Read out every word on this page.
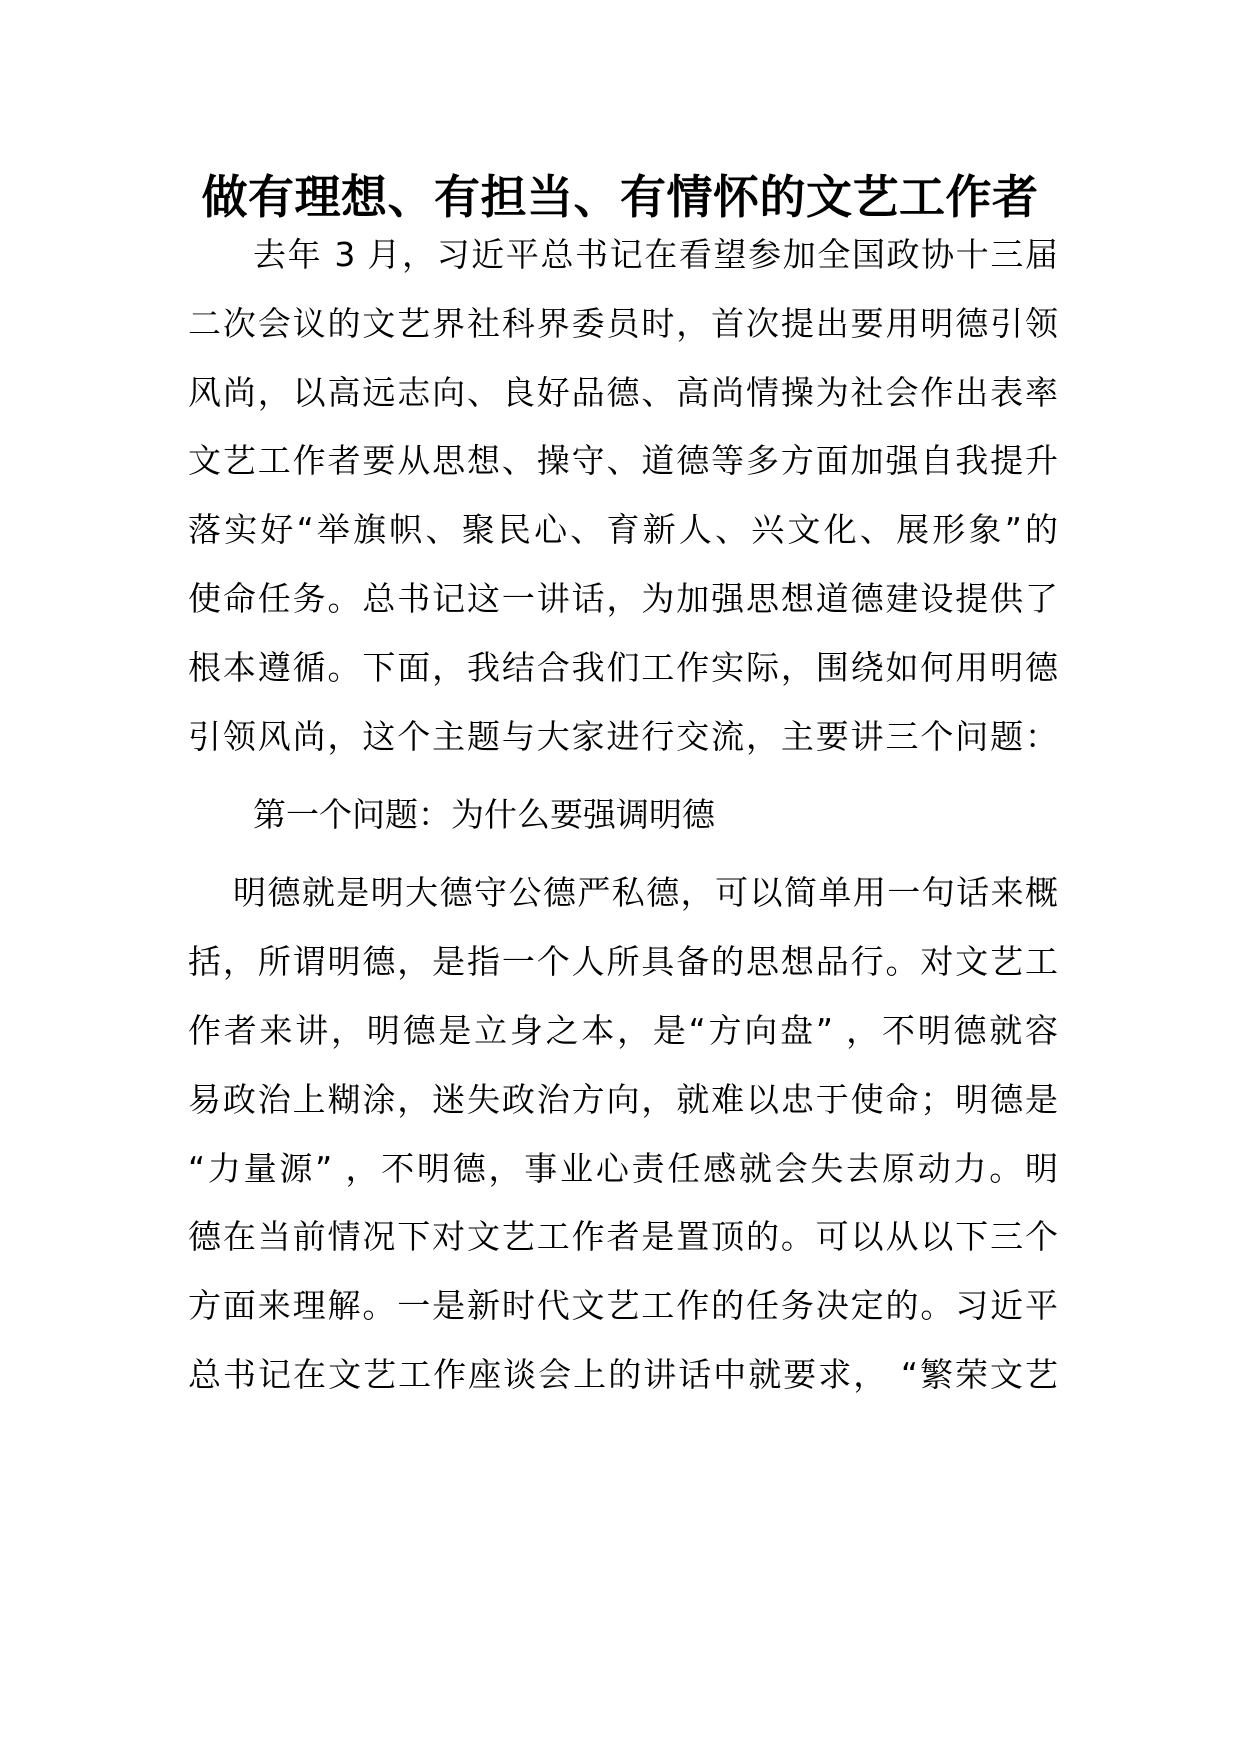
做有理想、有担当、有情怀的文艺工作者

去年 3 月，习近平总书记在看望参加全国政协十三届

二次会议的文艺界社科界委员时，首次提出要用明德引领

风尚，以高远志向、良好品德、高尚情操为社会作出表率

文艺工作者要从思想、操守、道德等多方面加强自我提升

落实好“举旗帜、聚民心、育新人、兴文化、展形象”的

使命任务。总书记这一讲话，为加强思想道德建设提供了

根本遵循。下面，我结合我们工作实际，围绕如何用明德

引领风尚，这个主题与大家进行交流，主要讲三个问题：

第一个问题：为什么要强调明德

明德就是明大德守公德严私德，可以简单用一句话来概

括，所谓明德，是指一个人所具备的思想品行。对文艺工

作者来讲，明德是立身之本，是“方向盘” ，不明德就容

易政治上糊涂，迷失政治方向，就难以忠于使命；明德是

“力量源” ，不明德，事业心责任感就会失去原动力。明

德在当前情况下对文艺工作者是置顶的。可以从以下三个

方面来理解。一是新时代文艺工作的任务决定的。习近平

总书记在文艺工作座谈会上的讲话中就要求， “繁荣文艺
